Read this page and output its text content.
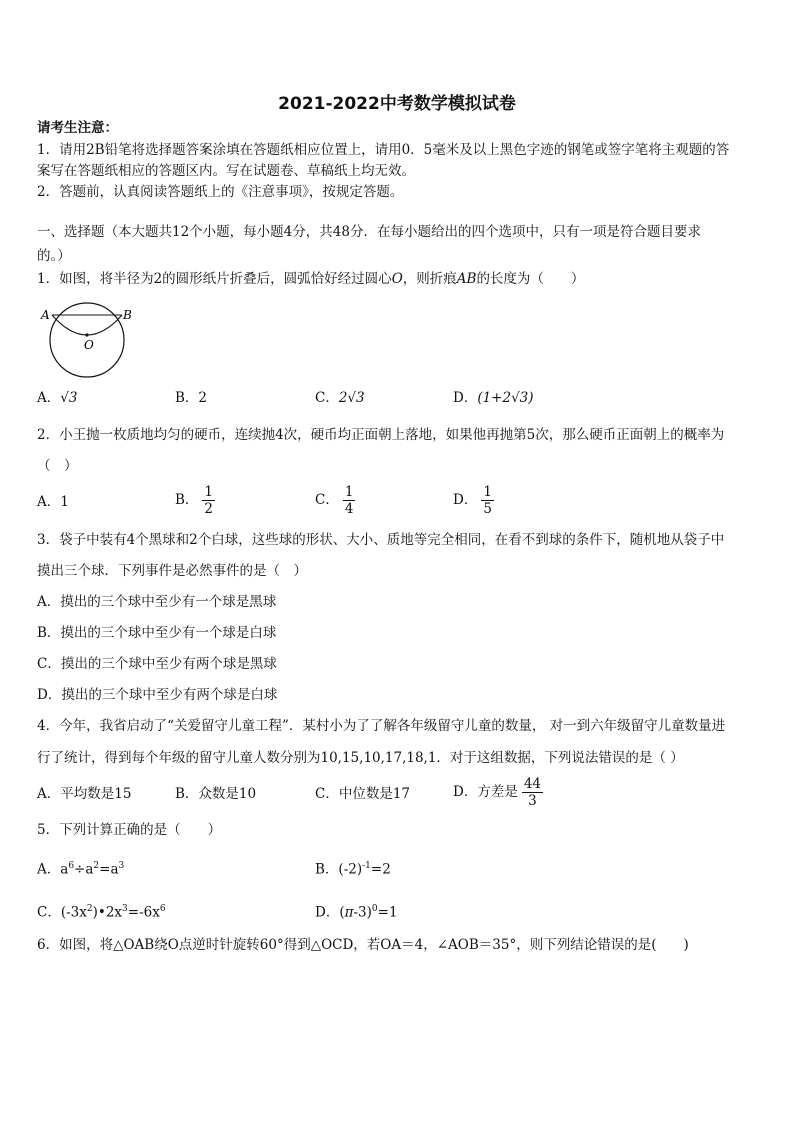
2021-2022中考数学模拟试卷
请考生注意：
1．请用2B铅笔将选择题答案涂填在答题纸相应位置上，请用0．5毫米及以上黑色字迹的钢笔或签字笔将主观题的答
案写在答题纸相应的答题区内。写在试题卷、草稿纸上均无效。
2．答题前，认真阅读答题纸上的《注意事项》，按规定答题。
一、选择题（本大题共12个小题，每小题4分，共48分．在每小题给出的四个选项中，只有一项是符合题目要求
的。）
1．如图，将半径为2的圆形纸片折叠后，圆弧恰好经过圆心O，则折痕AB的长度为（　　）
A	B
O
A．√3	B．2	C．2√3	D．(1+2√3)
2．小王抛一枚质地均匀的硬币，连续抛4次，硬币均正面朝上落地，如果他再抛第5次，那么硬币正面朝上的概率为
（　）
A．1	B． $\frac{1}{2}$	C． $\frac{1}{4}$	D． $\frac{1}{5}$
3．袋子中装有4个黑球和2个白球，这些球的形状、大小、质地等完全相同，在看不到球的条件下，随机地从袋子中
摸出三个球．下列事件是必然事件的是（　）
A．摸出的三个球中至少有一个球是黑球
B．摸出的三个球中至少有一个球是白球
C．摸出的三个球中至少有两个球是黑球
D．摸出的三个球中至少有两个球是白球
4．今年，我省启动了“关爱留守儿童工程”．某村小为了了解各年级留守儿童的数量， 对一到六年级留守儿童数量进
行了统计，得到每个年级的留守儿童人数分别为10,15,10,17,18,1．对于这组数据，下列说法错误的是（ ）
A．平均数是15	B．众数是10	C．中位数是17	D．方差是 $\frac{44}{3}$
5．下列计算正确的是（　　）
A．$a^6\div a^2=a^3$	B．$(-2)^{-1}=2$
C．$(-3x^2)•2x^3=-6x^6$	D．$(\pi-3)^0=1$
6．如图，将△OAB绕O点逆时针旋转60°得到△OCD，若OA＝4，∠AOB＝35°，则下列结论错误的是(　　)
